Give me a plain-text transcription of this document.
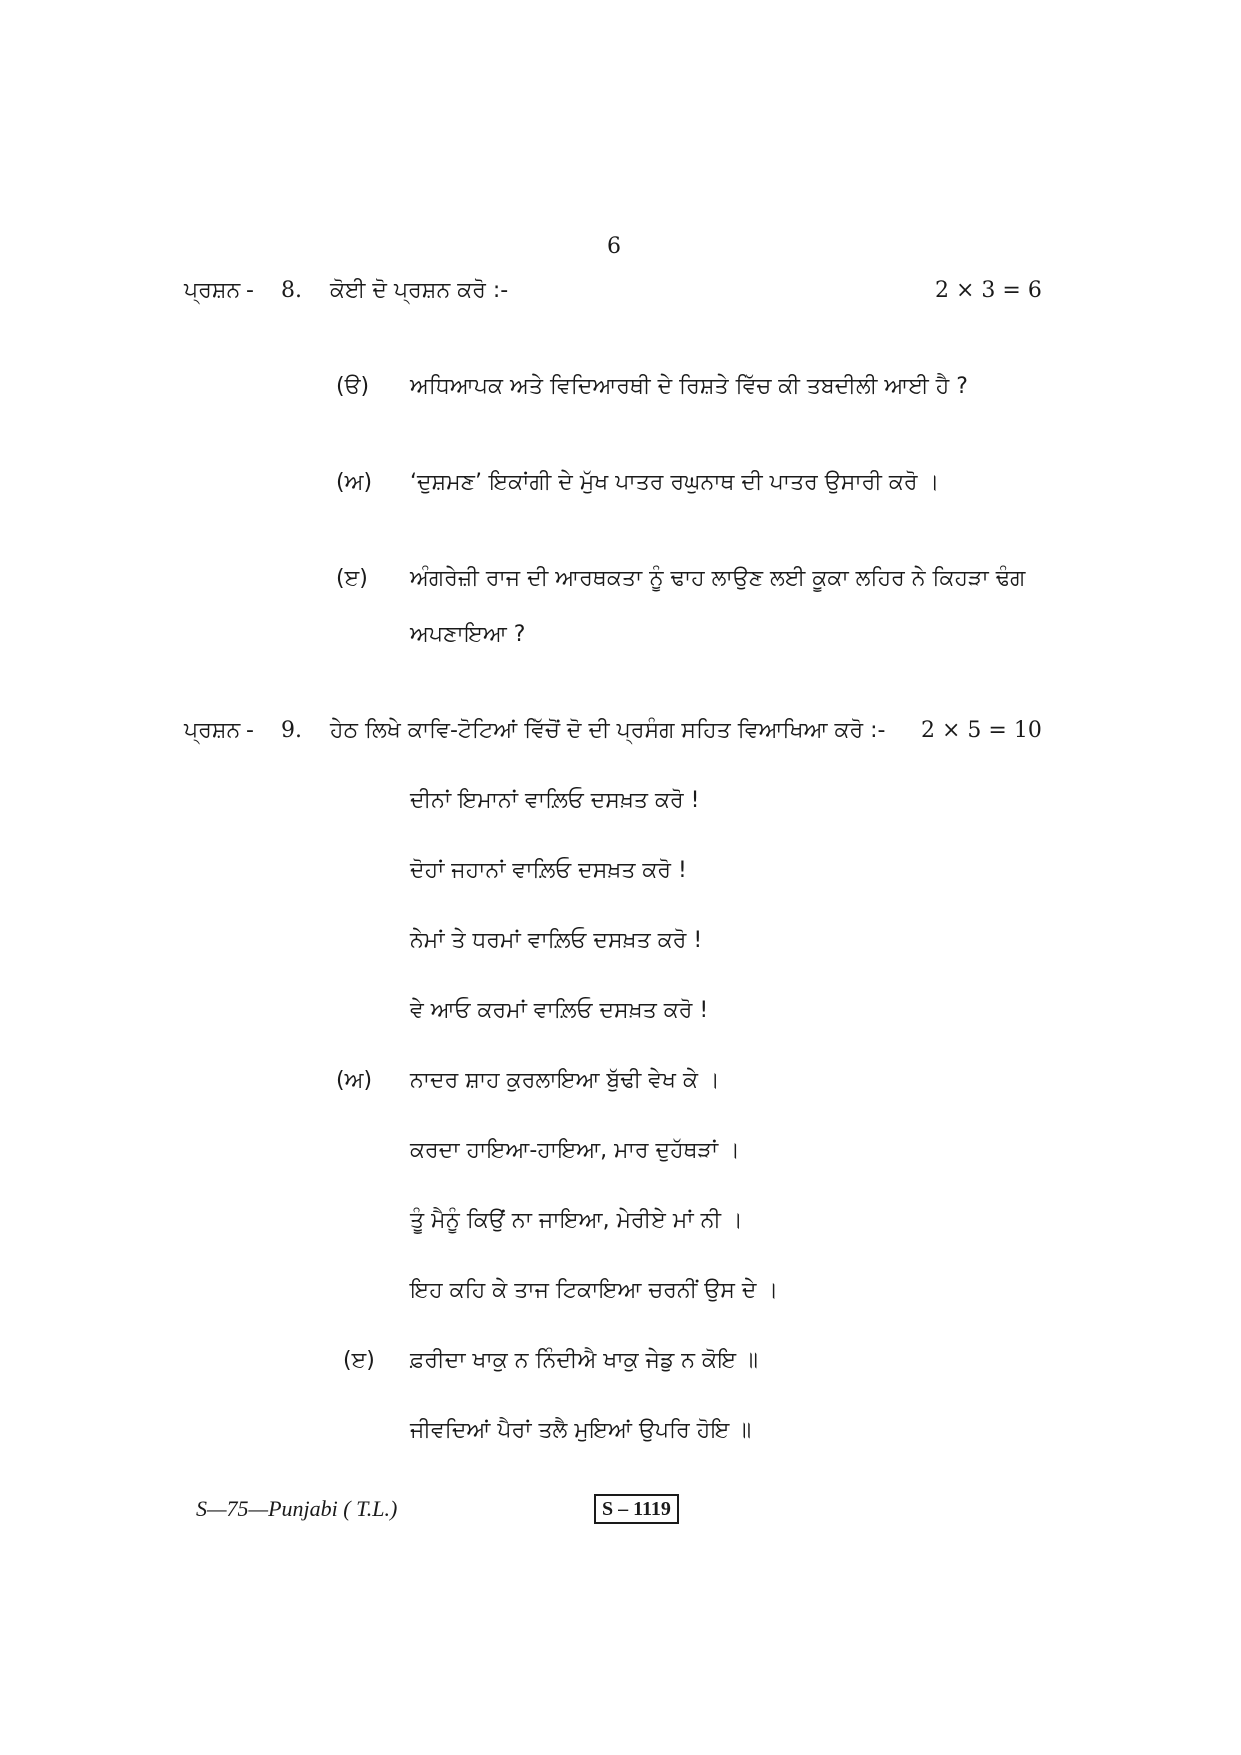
6
ਪ੍ਰਸ਼ਨ - 8. ਕੋਈ ਦੋ ਪ੍ਰਸ਼ਨ ਕਰੋ :-	2 × 3 = 6
(ੳ) ਅਧਿਆਪਕ ਅਤੇ ਵਿਦਿਆਰਥੀ ਦੇ ਰਿਸ਼ਤੇ ਵਿੱਚ ਕੀ ਤਬਦੀਲੀ ਆਈ ਹੈ ?
(ਅ) ‘ਦੁਸ਼ਮਣ’ ਇਕਾਂਗੀ ਦੇ ਮੁੱਖ ਪਾਤਰ ਰਘੁਨਾਥ ਦੀ ਪਾਤਰ ਉਸਾਰੀ ਕਰੋ ।
(ੲ) ਅੰਗਰੇਜ਼ੀ ਰਾਜ ਦੀ ਆਰਥਕਤਾ ਨੂੰ ਢਾਹ ਲਾਉਣ ਲਈ ਕੂਕਾ ਲਹਿਰ ਨੇ ਕਿਹੜਾ ਢੰਗ
ਅਪਣਾਇਆ ?
ਪ੍ਰਸ਼ਨ - 9. ਹੇਠ ਲਿਖੇ ਕਾਵਿ-ਟੋਟਿਆਂ ਵਿੱਚੋਂ ਦੋ ਦੀ ਪ੍ਰਸੰਗ ਸਹਿਤ ਵਿਆਖਿਆ ਕਰੋ :- 2 × 5 = 10
ਦੀਨਾਂ ਇਮਾਨਾਂ ਵਾਲ਼ਿਓ ਦਸਖ਼ਤ ਕਰੋ !
ਦੋਹਾਂ ਜਹਾਨਾਂ ਵਾਲ਼ਿਓ ਦਸਖ਼ਤ ਕਰੋ !
ਨੇਮਾਂ ਤੇ ਧਰਮਾਂ ਵਾਲ਼ਿਓ ਦਸਖ਼ਤ ਕਰੋ !
ਵੇ ਆਓ ਕਰਮਾਂ ਵਾਲ਼ਿਓ ਦਸਖ਼ਤ ਕਰੋ !
(ਅ) ਨਾਦਰ ਸ਼ਾਹ ਕੁਰਲਾਇਆ ਬੁੱਢੀ ਵੇਖ ਕੇ ।
ਕਰਦਾ ਹਾਇਆ-ਹਾਇਆ, ਮਾਰ ਦੁਹੱਥੜਾਂ ।
ਤੂੰ ਮੈਨੂੰ ਕਿਉਂ ਨਾ ਜਾਇਆ, ਮੇਰੀਏ ਮਾਂ ਨੀ ।
ਇਹ ਕਹਿ ਕੇ ਤਾਜ ਟਿਕਾਇਆ ਚਰਨੀਂ ਉਸ ਦੇ ।
(ੲ) ਫ਼ਰੀਦਾ ਖਾਕੁ ਨ ਨਿੰਦੀਐ ਖਾਕੁ ਜੇਡੁ ਨ ਕੋਇ ॥
ਜੀਵਦਿਆਂ ਪੈਰਾਂ ਤਲੈ ਮੁਇਆਂ ਉਪਰਿ ਹੋਇ ॥
S—75—Punjabi ( T.L.)	S – 1119
